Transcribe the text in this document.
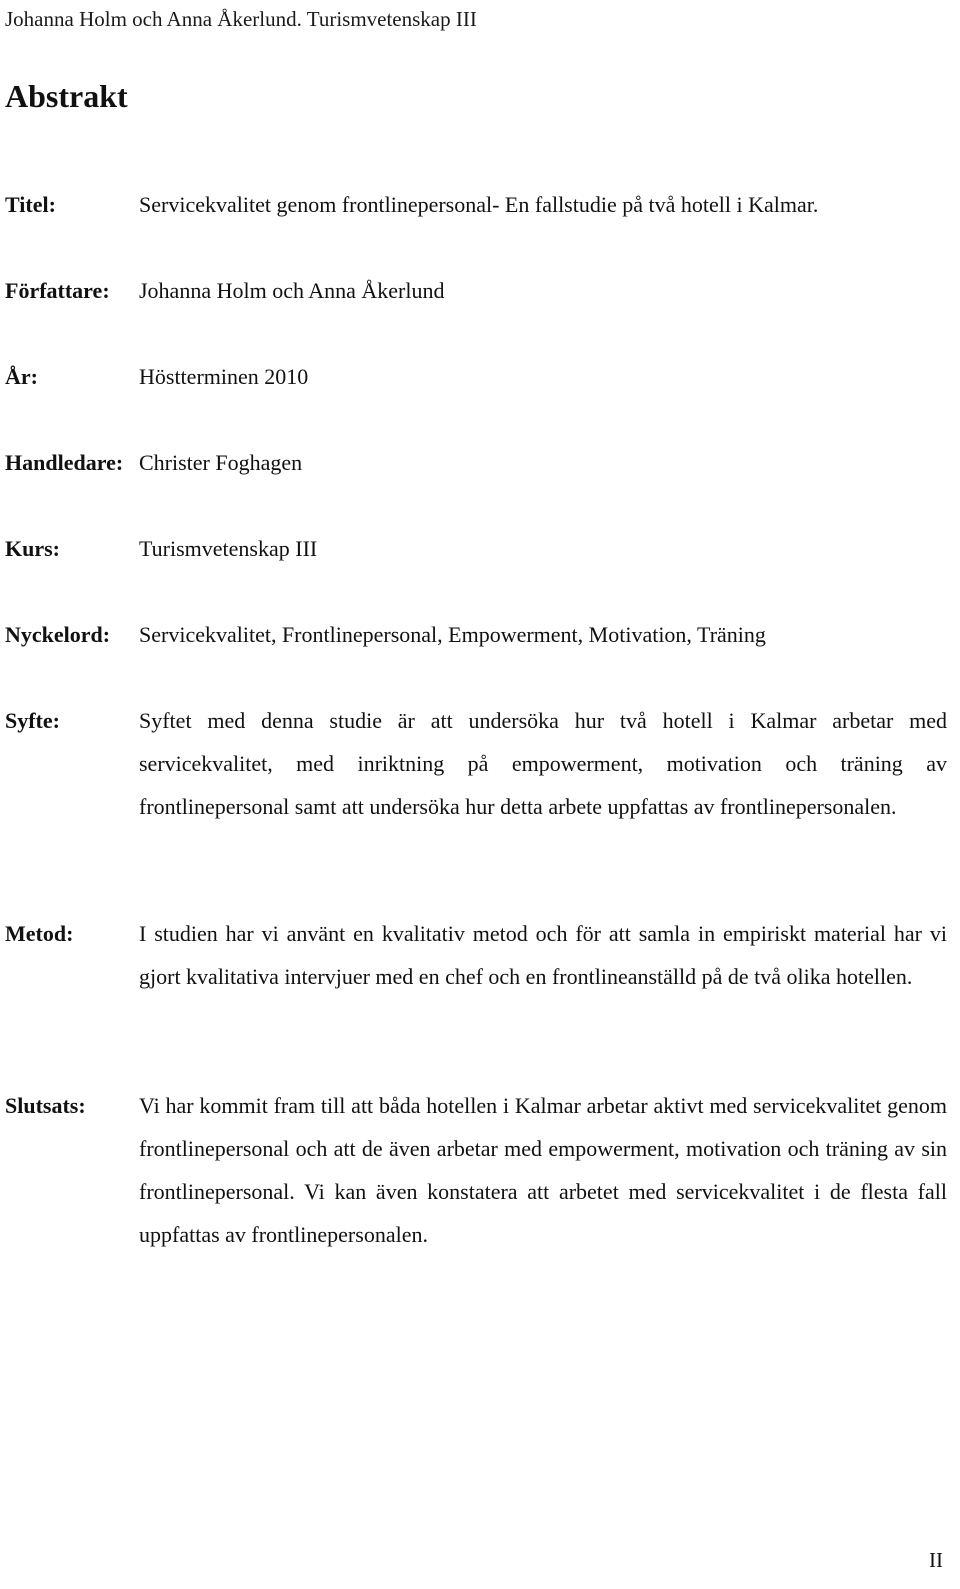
Johanna Holm och Anna Åkerlund. Turismvetenskap III
Abstrakt
Titel:	Servicekvalitet genom frontlinepersonal- En fallstudie på två hotell i Kalmar.
Författare: Johanna Holm och Anna Åkerlund
År:	Höstterminen 2010
Handledare: Christer Foghagen
Kurs:	Turismvetenskap III
Nyckelord: Servicekvalitet, Frontlinepersonal, Empowerment, Motivation, Träning
Syfte:	Syftet med denna studie är att undersöka hur två hotell i Kalmar arbetar med servicekvalitet, med inriktning på empowerment, motivation och träning av frontlinepersonal samt att undersöka hur detta arbete uppfattas av frontlinepersonalen.
Metod:	I studien har vi använt en kvalitativ metod och för att samla in empiriskt material har vi gjort kvalitativa intervjuer med en chef och en frontlineanställd på de två olika hotellen.
Slutsats: Vi har kommit fram till att båda hotellen i Kalmar arbetar aktivt med servicekvalitet genom frontlinepersonal och att de även arbetar med empowerment, motivation och träning av sin frontlinepersonal. Vi kan även konstatera att arbetet med servicekvalitet i de flesta fall uppfattas av frontlinepersonalen.
II
